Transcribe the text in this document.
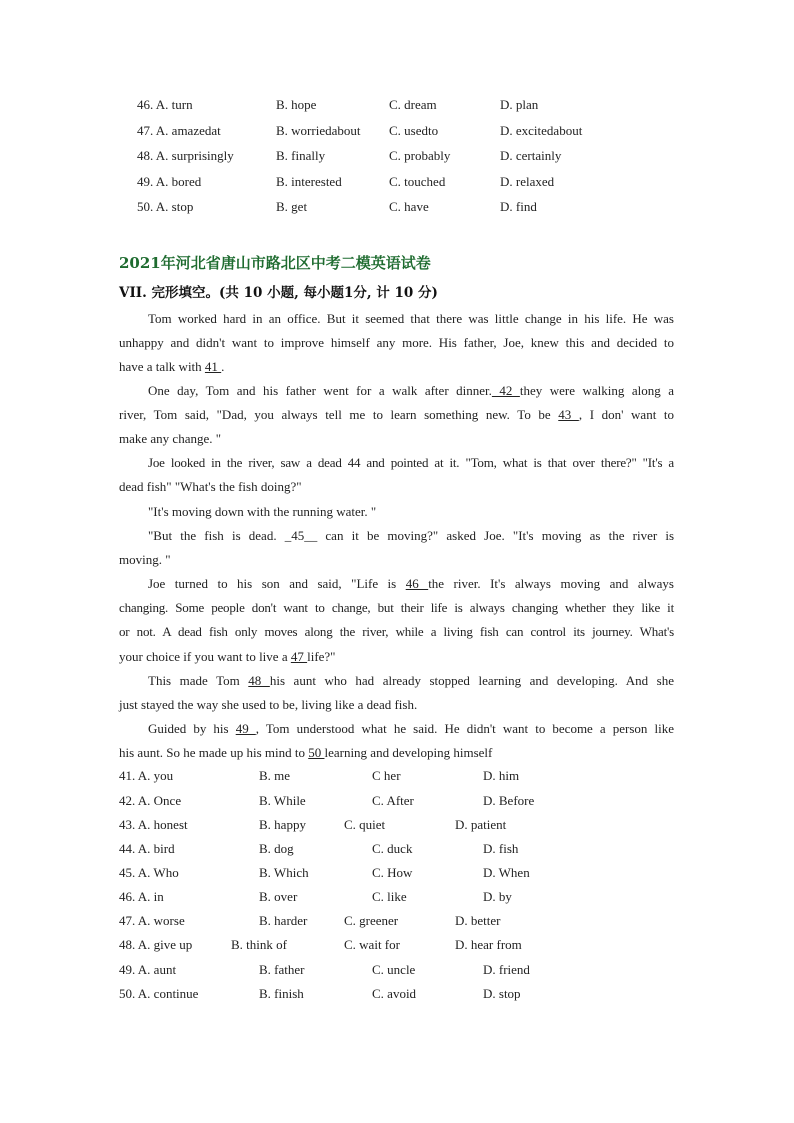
46. A. turn	B. hope	C. dream	D. plan
47. A. amazedat	B. worriedabout C. usedto	D. excitedabout
48. A. surprisingly	B. finally	C. probably	D. certainly
49. A. bored	B. interested	C. touched	D. relaxed
50. A. stop	B. get	C. have	D. find
2021年河北省唐山市路北区中考二模英语试卷
VII. 完形填空。(共 10 小题, 每小题1分, 计 10 分)
Tom worked hard in an office. But it seemed that there was little change in his life. He was
unhappy and didn't want to improve himself any more. His father, Joe, knew this and decided to
have a talk with 41 .
One day, Tom and his father went for a walk after dinner. 42 they were walking along a
river, Tom said, "Dad, you always tell me to learn something new. To be 43 , I don' want to
make any change. "
Joe looked in the river, saw a dead 44 and pointed at it. "Tom, what is that over there?" "It's a
dead fish" "What's the fish doing?"
"It's moving down with the running water. "
"But the fish is dead. _45__ can it be moving?" asked Joe. "It's moving as the river is
moving. "
Joe turned to his son and said, "Life is 46 the river. It's always moving and always
changing. Some people don't want to change, but their life is always changing whether they like it
or not. A dead fish only moves along the river, while a living fish can control its journey. What's
your choice if you want to live a 47 life?"
This made Tom 48 his aunt who had already stopped learning and developing. And she
just stayed the way she used to be, living like a dead fish.
Guided by his 49 , Tom understood what he said. He didn't want to become a person like
his aunt. So he made up his mind to 50 learning and developing himself
41. A. you	B. me	C her	D. him
42. A. Once	B. While	C. After	D. Before
43. A. honest	B. happy	C. quiet	D. patient
44. A. bird	B. dog	C. duck	D. fish
45. A. Who	B. Which	C. How	D. When
46. A. in	B. over	C. like	D. by
47. A. worse	B. harder	C. greener	D. better
48. A. give up	B. think of	C. wait for	D. hear from
49. A. aunt	B. father	C. uncle	D. friend
50. A. continue	B. finish	C. avoid	D. stop
